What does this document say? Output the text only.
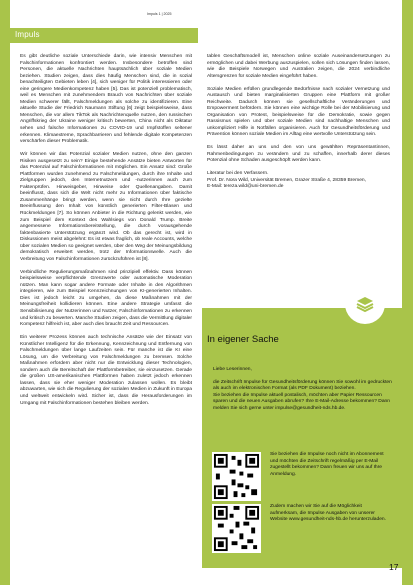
Impuls 1 | 2025
Impuls

Es gibt deutliche soziale Unterschiede darin, wie intensiv Menschen mit Falschinformationen konfrontiert werden. Insbesondere betroffen sind Personen, die aktuelle Nachrichten hauptsächlich über soziale Medien beziehen. Studien zeigen, dass dies häufig Menschen sind, die in sozial benachteiligten Gebieten leben [4], sich weniger für Politik interessieren oder eine geringere Medienkompetenz haben [5]. Das ist potenziell problematisch, weil es Menschen mit zunehmendem Brauch von Nachrichten über soziale Medien schwerer fällt, Falschmeldungen als solche zu identifizieren. Eine aktuelle Studie der Friedrich Naumann Stiftung [6] zeigt beispielsweise, dass Menschen, die vor allem TikTok als Nachrichtenquelle nutzen, den russischen Angriffskrieg der Ukraine weniger kritisch bewerten, China nicht als Diktatur sehen und falsche Informationen zu COVID-19 und Impfstoffen seltener erkennen. Klimaextreme, Sprachbarrieren und fehlende digitale Kompetenzen verschärfen dieser Problematik.

Wir können wir das Potenzial sozialer Medien nutzen, ohne den ganzen Risiken ausgesetzt zu sein? Einige bestehende Ansätze bieten Antworten für das Potenzial auf Falschinformationen mit möglichen. Ein Ansatz sind: Große Plattformen wurden zunehmend zu Falschmeldungen, durch ihre Inhalte und Zielgruppen jedoch, den Internetnutzern und -nutzerinnen auch zum Faktenprüfen. Hinweisgeber, Hinweise oder Quellenangaben. Damit beeinflusst, dass sich die Welt nicht mehr zu Informationen über faktische Zusammenhänge bringt werden, wenn sie nicht durch Ihre gezielte Beeinflussung den Inhalt von künstlich generierten Filter-Blasen und Rückmeldungen [7]. So können Anbieter in die Richtung gelenkt werden, wie zum Beispiel dem Kontext des Wahlsiegs von Donald Trump. Breite angemessene Informationsbereitstellung, die durch vorausgehende faktenbasierte Unterstützung ergänzt wird. Ob das gerecht ist, wird in Diskussionen meist abgelehnt: Es ist etwas fraglich, ob reale Accounts, welche über sozialen Medien so geeignet werden, über den Weg der Meinungsbildung demokratisch erweitert werden, trotz der Informationswelle. Auch die Verbreitung von Falschinformationen zurückzuführen ist [8].

Verbindliche Regulierungsmaßnahmen sind prinzipiell effektiv. Dass können beispielsweise verpflichtende Grenzwerte oder automatische Moderation nützen. Man kann sogar andere Formate oder Inhalte in den Algorithmen integrieren, wie zum Beispiel Kennzeichnungen von KI-generierten Inhalten. Dies ist jedoch leicht zu umgehen, da diese Maßnahmen mit der Meinungsfreiheit kollidieren können. Eine andere Strategie umfasst die Sensibilisierung der Nutzerinnen und Nutzer, Falschinformationen zu erkennen und kritisch zu bewerten. Manche Studien zeigen, dass die Vermittlung digitaler Kompetenz hilfreich ist, aber auch dies braucht Zeit und Ressourcen.

Ein weiterer Prozess können auch technische Ansätze wie der Einsatz von Künstlicher Intelligenz für die Erkennung, Kennzeichnung und Entfernung von Falschmeldungen über lange Laufzeiten sein. Für manche ist die KI eine Lösung, um die Verbreitung von Falschmeldungen zu bremsen. Solche Maßnahmen erfordern aber nicht nur die Entwicklung dieser Technologien, sondern auch die Bereitschaft der Plattformbetreiber, sie einzusetzen. Gerade die großen US-amerikanischen Plattformen haben zuletzt jedoch erkennen lassen, dass sie eher weniger Moderation zulassen wollen. Es bleibt abzuwarten, wie sich die Regulierung der sozialen Medien in Zukunft in Europa und weltweit entwickeln wird. Sicher ist, dass die Herausforderungen im Umgang mit Falschinformationen bestehen bleiben werden.

tablen Geschäftsmodell ist, Menschen online soziale Auseinandersetzungen zu ermöglichen und dabei Werbung auszuspielen, sollen sich Lösungen finden lassen, wie die Beispiele Norwegen und Australien zeigen, die 2024 verbindliche Altersgrenzen für soziale Medien eingeführt haben.

Soziale Medien erfüllen grundlegende Bedürfnisse nach sozialer Vernetzung und Austausch und bieten marginalisierten Gruppen eine Plattform mit großer Reichweite. Dadurch können sie gesellschaftliche Veränderungen und Empowerment befördern. Sie können eine wichtige Rolle bei der Mobilisierung und Organisation von Protest, beispielsweise für die Demokratie, sowie gegen Rassismus spielen und über soziale Medien sind nachhaltige Menschen und unkompliziert Hilfe in Notfällen organisieren. Auch für Gesundheitsförderung und Prävention können soziale Medien im Alltag eine wertvolle Unterstützung sein.

Es lässt daher an uns und den von uns gewählten Repräsentantinnen, Rahmenbedingungen zu verändern und zu schaffen, innerhalb derer dieses Potenzial ohne Schaden ausgeschöpft werden kann.

Literatur bei den Verfassern.
Prof. Dr. Nora Wild, Universität Bremen, Grazer Straße 4, 28359 Bremen,
E-Mail: tereza.wild@uni-bremen.de
In eigener Sache

Liebe Leserinnen,

die Zeitschrift Impulse für Gesundheitsförderung können Sie sowohl im gedruckten als auch im elektronischen Format (als PDF Dokument) beziehen.

Sie beziehen die Impulse aktuell postalisch, möchten aber Papier Ressourcen sparen und die neuen Ausgaben abrufen? Ihre E-Mail-Adresse bekommen? Dann melden Sie sich gerne unter impulse@gesundheit-nds.hb.de.

Sie beziehen die Impulse noch nicht im Abonnement und möchten die Zeitschrift regelmäßig per E-Mail zugestellt bekommen? Dann freuen wir uns auf Ihre Anmeldung.
Zudem machen wir Sie auf die Möglichkeit aufmerksam, die Impulse Ausgaben von unserer Website www.gesundheit-nds-hb.de herunterzuladen.
17
